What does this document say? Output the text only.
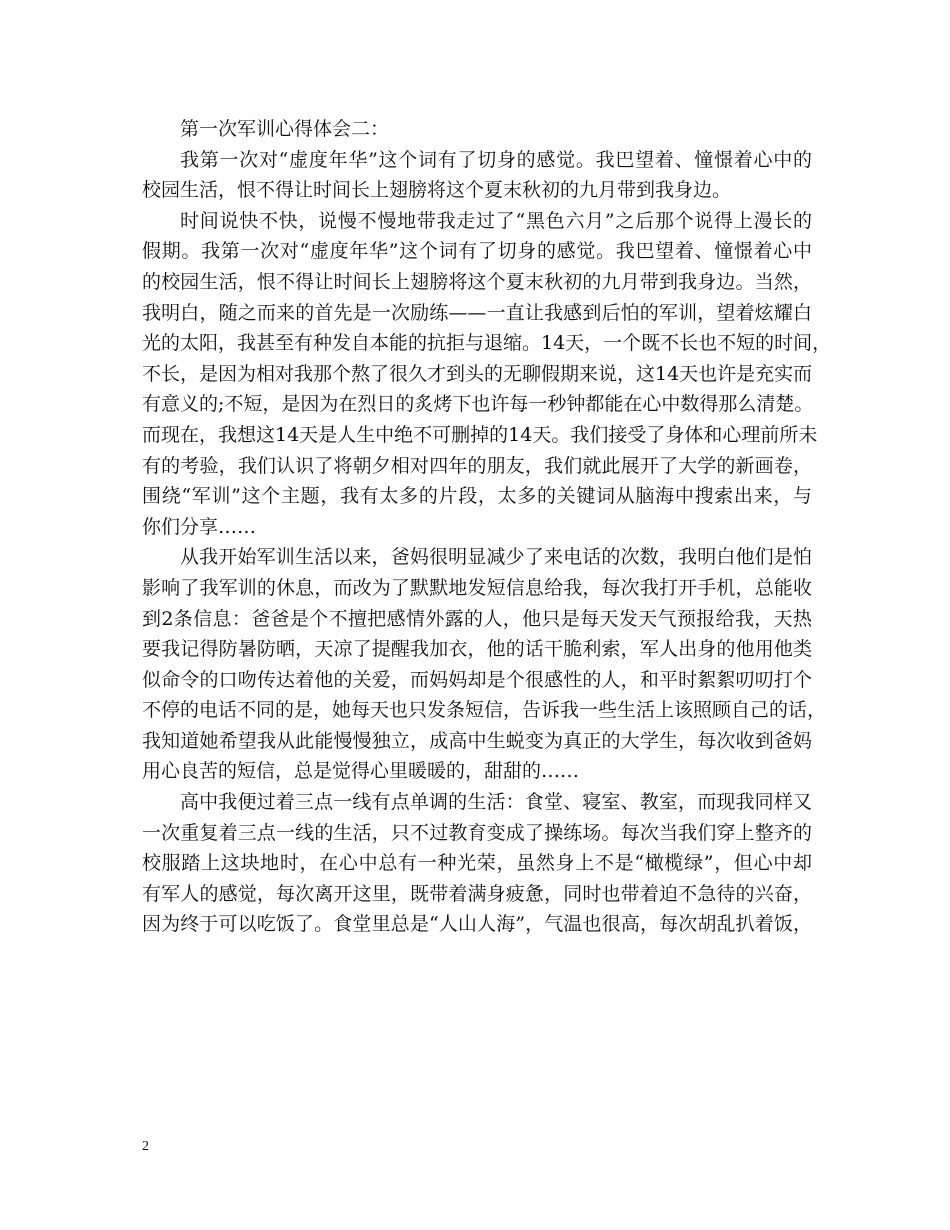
第一次军训心得体会二：
我第一次对“虚度年华”这个词有了切身的感觉。我巴望着、憧憬着心中的
校园生活，恨不得让时间长上翅膀将这个夏末秋初的九月带到我身边。
时间说快不快，说慢不慢地带我走过了“黑色六月”之后那个说得上漫长的
假期。我第一次对“虚度年华”这个词有了切身的感觉。我巴望着、憧憬着心中
的校园生活，恨不得让时间长上翅膀将这个夏末秋初的九月带到我身边。当然，
我明白，随之而来的首先是一次励练——一直让我感到后怕的军训，望着炫耀白
光的太阳，我甚至有种发自本能的抗拒与退缩。14天，一个既不长也不短的时间，
不长，是因为相对我那个熬了很久才到头的无聊假期来说，这14天也许是充实而
有意义的;不短，是因为在烈日的炙烤下也许每一秒钟都能在心中数得那么清楚。
而现在，我想这14天是人生中绝不可删掉的14天。我们接受了身体和心理前所未
有的考验，我们认识了将朝夕相对四年的朋友，我们就此展开了大学的新画卷，
围绕“军训”这个主题，我有太多的片段，太多的关键词从脑海中搜索出来，与
你们分享……
从我开始军训生活以来，爸妈很明显减少了来电话的次数，我明白他们是怕
影响了我军训的休息，而改为了默默地发短信息给我，每次我打开手机，总能收
到2条信息：爸爸是个不擅把感情外露的人，他只是每天发天气预报给我，天热
要我记得防暑防晒，天凉了提醒我加衣，他的话干脆利索，军人出身的他用他类
似命令的口吻传达着他的关爱，而妈妈却是个很感性的人，和平时絮絮叨叨打个
不停的电话不同的是，她每天也只发条短信，告诉我一些生活上该照顾自己的话，
我知道她希望我从此能慢慢独立，成高中生蜕变为真正的大学生，每次收到爸妈
用心良苦的短信，总是觉得心里暖暖的，甜甜的……
高中我便过着三点一线有点单调的生活：食堂、寝室、教室，而现我同样又
一次重复着三点一线的生活，只不过教育变成了操练场。每次当我们穿上整齐的
校服踏上这块地时，在心中总有一种光荣，虽然身上不是“橄榄绿”，但心中却
有军人的感觉，每次离开这里，既带着满身疲惫，同时也带着迫不急待的兴奋，
因为终于可以吃饭了。食堂里总是“人山人海”，气温也很高，每次胡乱扒着饭，
2
